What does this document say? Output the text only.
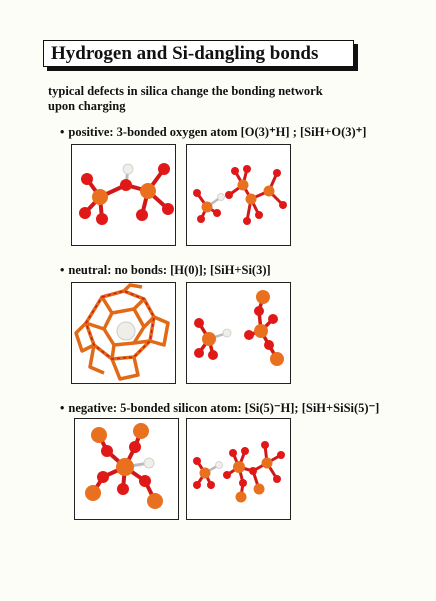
Hydrogen and Si-dangling bonds
typical defects in silica change the bonding network
upon charging
• positive: 3-bonded oxygen atom [O(3)⁺H] ; [SiH+O(3)⁺]
• neutral: no bonds: [H(0)]; [SiH+Si(3)]
• negative: 5-bonded silicon atom: [Si(5)⁻H]; [SiH+SiSi(5)⁻]
